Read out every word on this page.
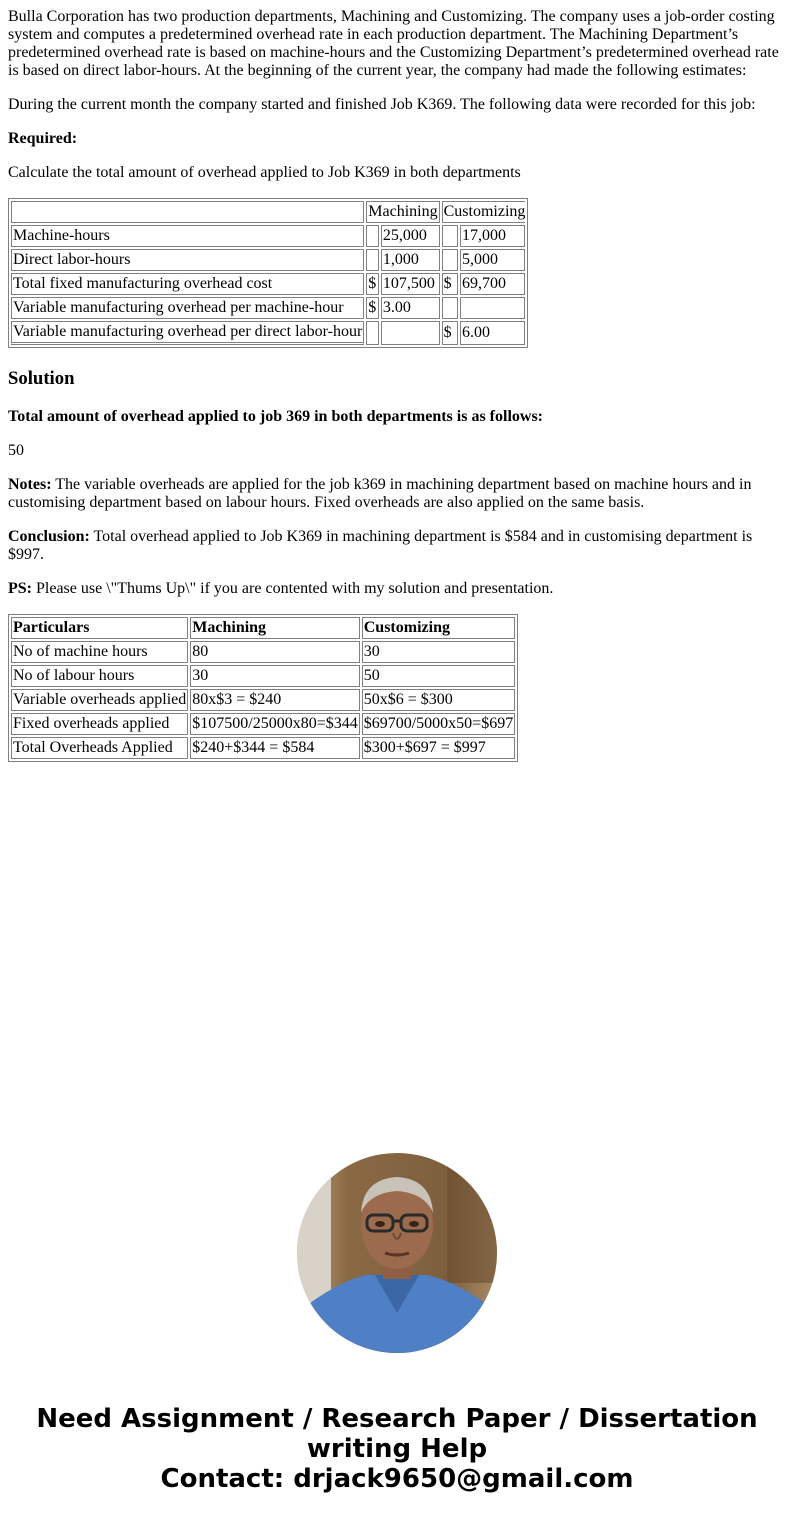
Bulla Corporation has two production departments, Machining and Customizing. The company uses a job-order costing system and computes a predetermined overhead rate in each production department. The Machining Department’s predetermined overhead rate is based on machine-hours and the Customizing Department’s predetermined overhead rate is based on direct labor-hours. At the beginning of the current year, the company had made the following estimates:

During the current month the company started and finished Job K369. The following data were recorded for this job:

Required:

Calculate the total amount of overhead applied to Job K369 in both departments

	Machining		Customizing	
Machine-hours		25,000		17,000
Direct labor-hours		1,000		5,000
Total fixed manufacturing overhead cost	$	107,500	$	69,700
Variable manufacturing overhead per machine-hour	$	3.00		
Variable manufacturing overhead per direct labor-hour			$	6.00
Solution

Total amount of overhead applied to job 369 in both departments is as follows:

50

Notes: The variable overheads are applied for the job k369 in machining department based on machine hours and in customising department based on labour hours. Fixed overheads are also applied on the same basis.

Conclusion: Total overhead applied to Job K369 in machining department is $584 and in customising department is $997.

PS: Please use \"Thums Up\" if you are contented with my solution and presentation.

Particulars	Machining	Customizing
No of machine hours	80	30
No of labour hours	30	50
Variable overheads applied	80x$3 = $240	50x$6 = $300
Fixed overheads applied	$107500/25000x80=$344	$69700/5000x50=$697
Total Overheads Applied	$240+$344 = $584	$300+$697 = $997
Need Assignment / Research Paper / Dissertation
writing Help
Contact: drjack9650@gmail.com
